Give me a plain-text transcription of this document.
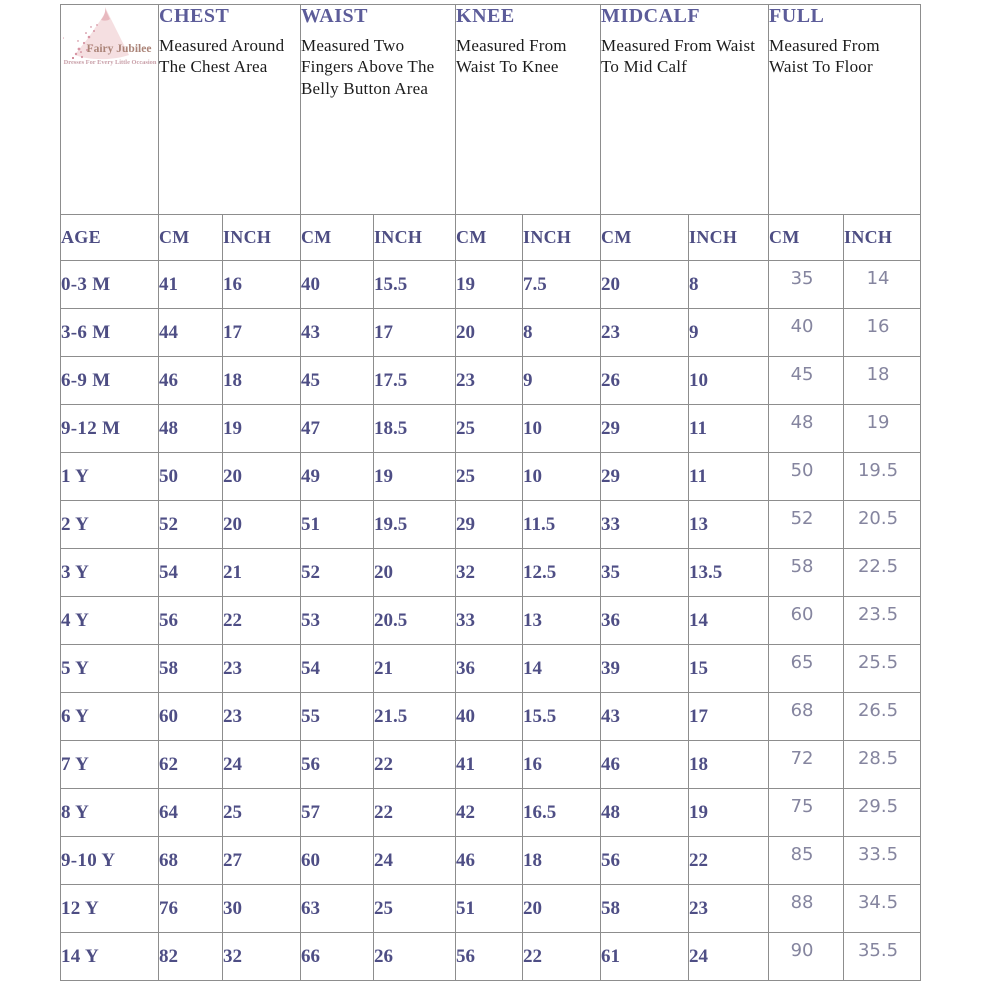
Fairy Jubilee
Dresses For Every Little Occasion

CHEST
Measured Around The Chest Area

WAIST
Measured Two Fingers Above The Belly Button Area

KNEE
Measured From Waist To Knee

MIDCALF
Measured From Waist To Mid Calf

FULL
Measured From Waist To Floor

AGE	CM	INCH	CM	INCH	CM	INCH	CM	INCH	CM	INCH
0-3 M	41	16	40	15.5	19	7.5	20	8	35	14
3-6 M	44	17	43	17	20	8	23	9	40	16
6-9 M	46	18	45	17.5	23	9	26	10	45	18
9-12 M	48	19	47	18.5	25	10	29	11	48	19
1 Y	50	20	49	19	25	10	29	11	50	19.5
2 Y	52	20	51	19.5	29	11.5	33	13	52	20.5
3 Y	54	21	52	20	32	12.5	35	13.5	58	22.5
4 Y	56	22	53	20.5	33	13	36	14	60	23.5
5 Y	58	23	54	21	36	14	39	15	65	25.5
6 Y	60	23	55	21.5	40	15.5	43	17	68	26.5
7 Y	62	24	56	22	41	16	46	18	72	28.5
8 Y	64	25	57	22	42	16.5	48	19	75	29.5
9-10 Y	68	27	60	24	46	18	56	22	85	33.5
12 Y	76	30	63	25	51	20	58	23	88	34.5
14 Y	82	32	66	26	56	22	61	24	90	35.5
